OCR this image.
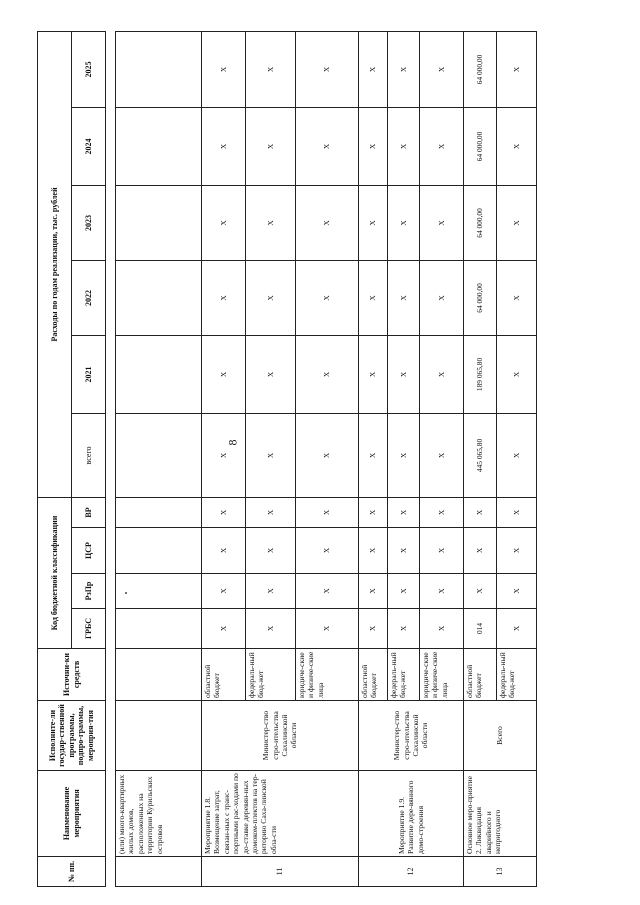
8
№ пп.	Наименование мероприятия	Исполните-ли государ-ственной программы, подпро-граммы, мероприя-тия	Источни-ки средств	Код бюджетной классификации				Расходы по годам реализации, тыс. рублей					
				ГРБС	РзПр	ЦСР	ВР	всего	2021	2022	2023	2024	2025

	(или) много-квартирных жилых домов, расположенных на территории Курильских островов												
11	Мероприятие 1.8. Возмещение затрат, связан-ных с транс-портными рас-ходами по до-ставке деревян-ных домоком-плектов на тер-риторию Саха-линской обла-сти	Министер-ство стро-ительства Сахалинской области	областной бюджет	X	X	X	X	X	X	X	X	X	X
			федераль-ный бюд-жет	X	X	X	X	X	X	X	X	X	X
			юридиче-ские и физиче-ские лица	X	X	X	X	X	X	X	X	X	X
12	Мероприятие 1.9. Развитие дере-вянного домо-строения	Министер-ство стро-ительства Сахалинской области	областной бюджет	X	X	X	X	X	X	X	X	X	X
			федераль-ный бюд-жет	X	X	X	X	X	X	X	X	X	X
			юридиче-ские и физиче-ские лица	X	X	X	X	X	X	X	X	X	X
13	Основное меро-приятие 2. Ликвидация аварийного и непригодного	Всего	областной бюджет	014	X	X	X	445 065,80	189 065,80	64 000,00	64 000,00	64 000,00	64 000,00
			федераль-ный бюд-жет	X	X	X	X	X	X	X	X	X	X
